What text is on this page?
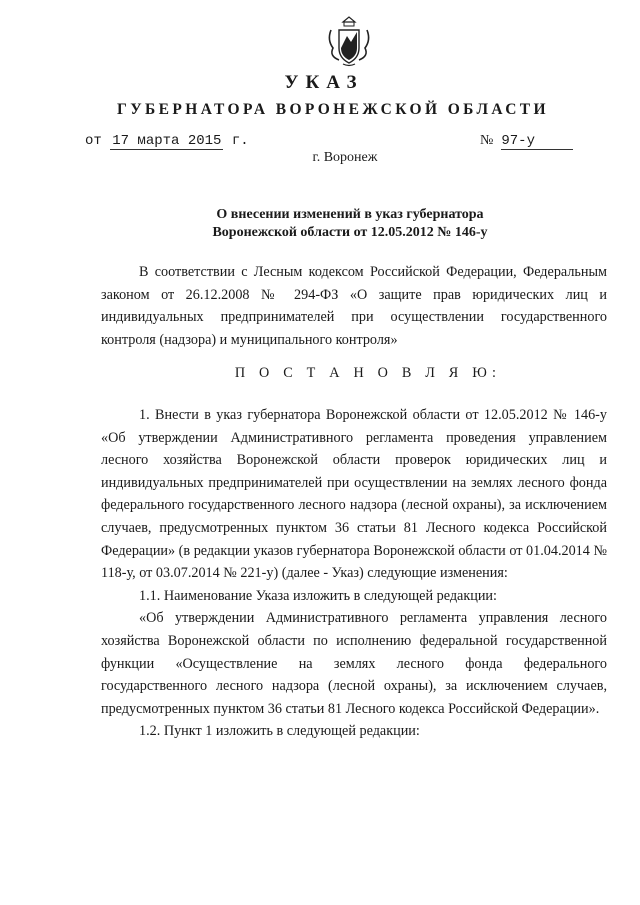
УКАЗ
ГУБЕРНАТОРА ВОРОНЕЖСКОЙ ОБЛАСТИ
от 17 марта 2015 г.	№ 97-у
г. Воронеж
О внесении изменений в указ губернатора
Воронежской области от 12.05.2012 № 146-у

В соответствии с Лесным кодексом Российской Федерации, Федеральным законом от 26.12.2008 № 294-ФЗ «О защите прав юридических лиц и индивидуальных предпринимателей при осуществлении государственного контроля (надзора) и муниципального контроля»

П О С Т А Н О В Л Я Ю:

1. Внести в указ губернатора Воронежской области от 12.05.2012 № 146-у «Об утверждении Административного регламента проведения управлением лесного хозяйства Воронежской области проверок юридических лиц и индивидуальных предпринимателей при осуществлении на землях лесного фонда федерального государственного лесного надзора (лесной охраны), за исключением случаев, предусмотренных пунктом 36 статьи 81 Лесного кодекса Российской Федерации» (в редакции указов губернатора Воронежской области от 01.04.2014 № 118-у, от 03.07.2014 № 221-у) (далее - Указ) следующие изменения:

1.1. Наименование Указа изложить в следующей редакции:

«Об утверждении Административного регламента управления лесного хозяйства Воронежской области по исполнению федеральной государственной функции «Осуществление на землях лесного фонда федерального государственного лесного надзора (лесной охраны), за исключением случаев, предусмотренных пунктом 36 статьи 81 Лесного кодекса Российской Федерации».

1.2. Пункт 1 изложить в следующей редакции:
